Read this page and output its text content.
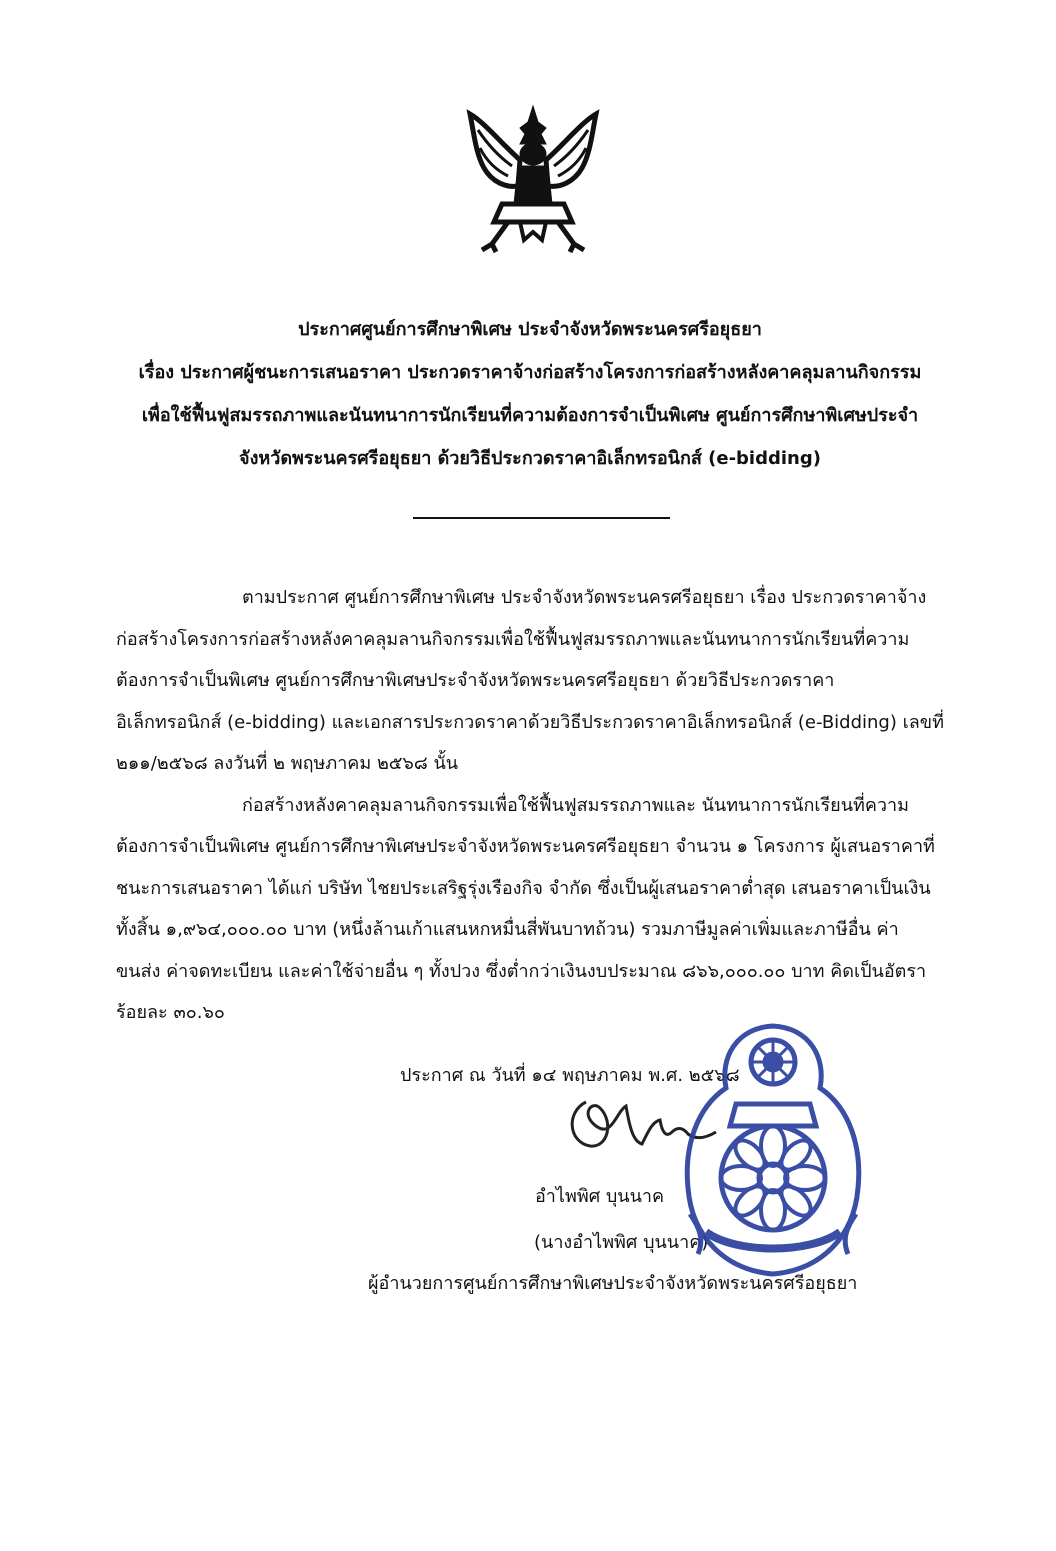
ประกาศศูนย์การศึกษาพิเศษ ประจำจังหวัดพระนครศรีอยุธยา
เรื่อง ประกาศผู้ชนะการเสนอราคา ประกวดราคาจ้างก่อสร้างโครงการก่อสร้างหลังคาคลุมลานกิจกรรม
เพื่อใช้ฟื้นฟูสมรรถภาพและนันทนาการนักเรียนที่ความต้องการจำเป็นพิเศษ ศูนย์การศึกษาพิเศษประจำ
จังหวัดพระนครศรีอยุธยา ด้วยวิธีประกวดราคาอิเล็กทรอนิกส์ (e-bidding)
ตามประกาศ ศูนย์การศึกษาพิเศษ ประจำจังหวัดพระนครศรีอยุธยา เรื่อง ประกวดราคาจ้าง
ก่อสร้างโครงการก่อสร้างหลังคาคลุมลานกิจกรรมเพื่อใช้ฟื้นฟูสมรรถภาพและนันทนาการนักเรียนที่ความ
ต้องการจำเป็นพิเศษ ศูนย์การศึกษาพิเศษประจำจังหวัดพระนครศรีอยุธยา ด้วยวิธีประกวดราคา
อิเล็กทรอนิกส์ (e-bidding) และเอกสารประกวดราคาด้วยวิธีประกวดราคาอิเล็กทรอนิกส์ (e-Bidding) เลขที่
๒๑๑/๒๕๖๘ ลงวันที่ ๒ พฤษภาคม ๒๕๖๘ นั้น
ก่อสร้างหลังคาคลุมลานกิจกรรมเพื่อใช้ฟื้นฟูสมรรถภาพและ นันทนาการนักเรียนที่ความ
ต้องการจำเป็นพิเศษ ศูนย์การศึกษาพิเศษประจำจังหวัดพระนครศรีอยุธยา จำนวน ๑ โครงการ ผู้เสนอราคาที่
ชนะการเสนอราคา ได้แก่ บริษัท ไชยประเสริฐรุ่งเรืองกิจ จำกัด ซึ่งเป็นผู้เสนอราคาต่ำสุด เสนอราคาเป็นเงิน
ทั้งสิ้น ๑,๙๖๔,๐๐๐.๐๐ บาท (หนึ่งล้านเก้าแสนหกหมื่นสี่พันบาทถ้วน) รวมภาษีมูลค่าเพิ่มและภาษีอื่น ค่า
ขนส่ง ค่าจดทะเบียน และค่าใช้จ่ายอื่น ๆ ทั้งปวง ซึ่งต่ำกว่าเงินงบประมาณ ๘๖๖,๐๐๐.๐๐ บาท คิดเป็นอัตรา
ร้อยละ ๓๐.๖๐
ประกาศ ณ วันที่ ๑๔ พฤษภาคม พ.ศ. ๒๕๖๘
อำไพพิศ บุนนาค
(นางอำไพพิศ บุนนาค)
ผู้อำนวยการศูนย์การศึกษาพิเศษประจำจังหวัดพระนครศรีอยุธยา
